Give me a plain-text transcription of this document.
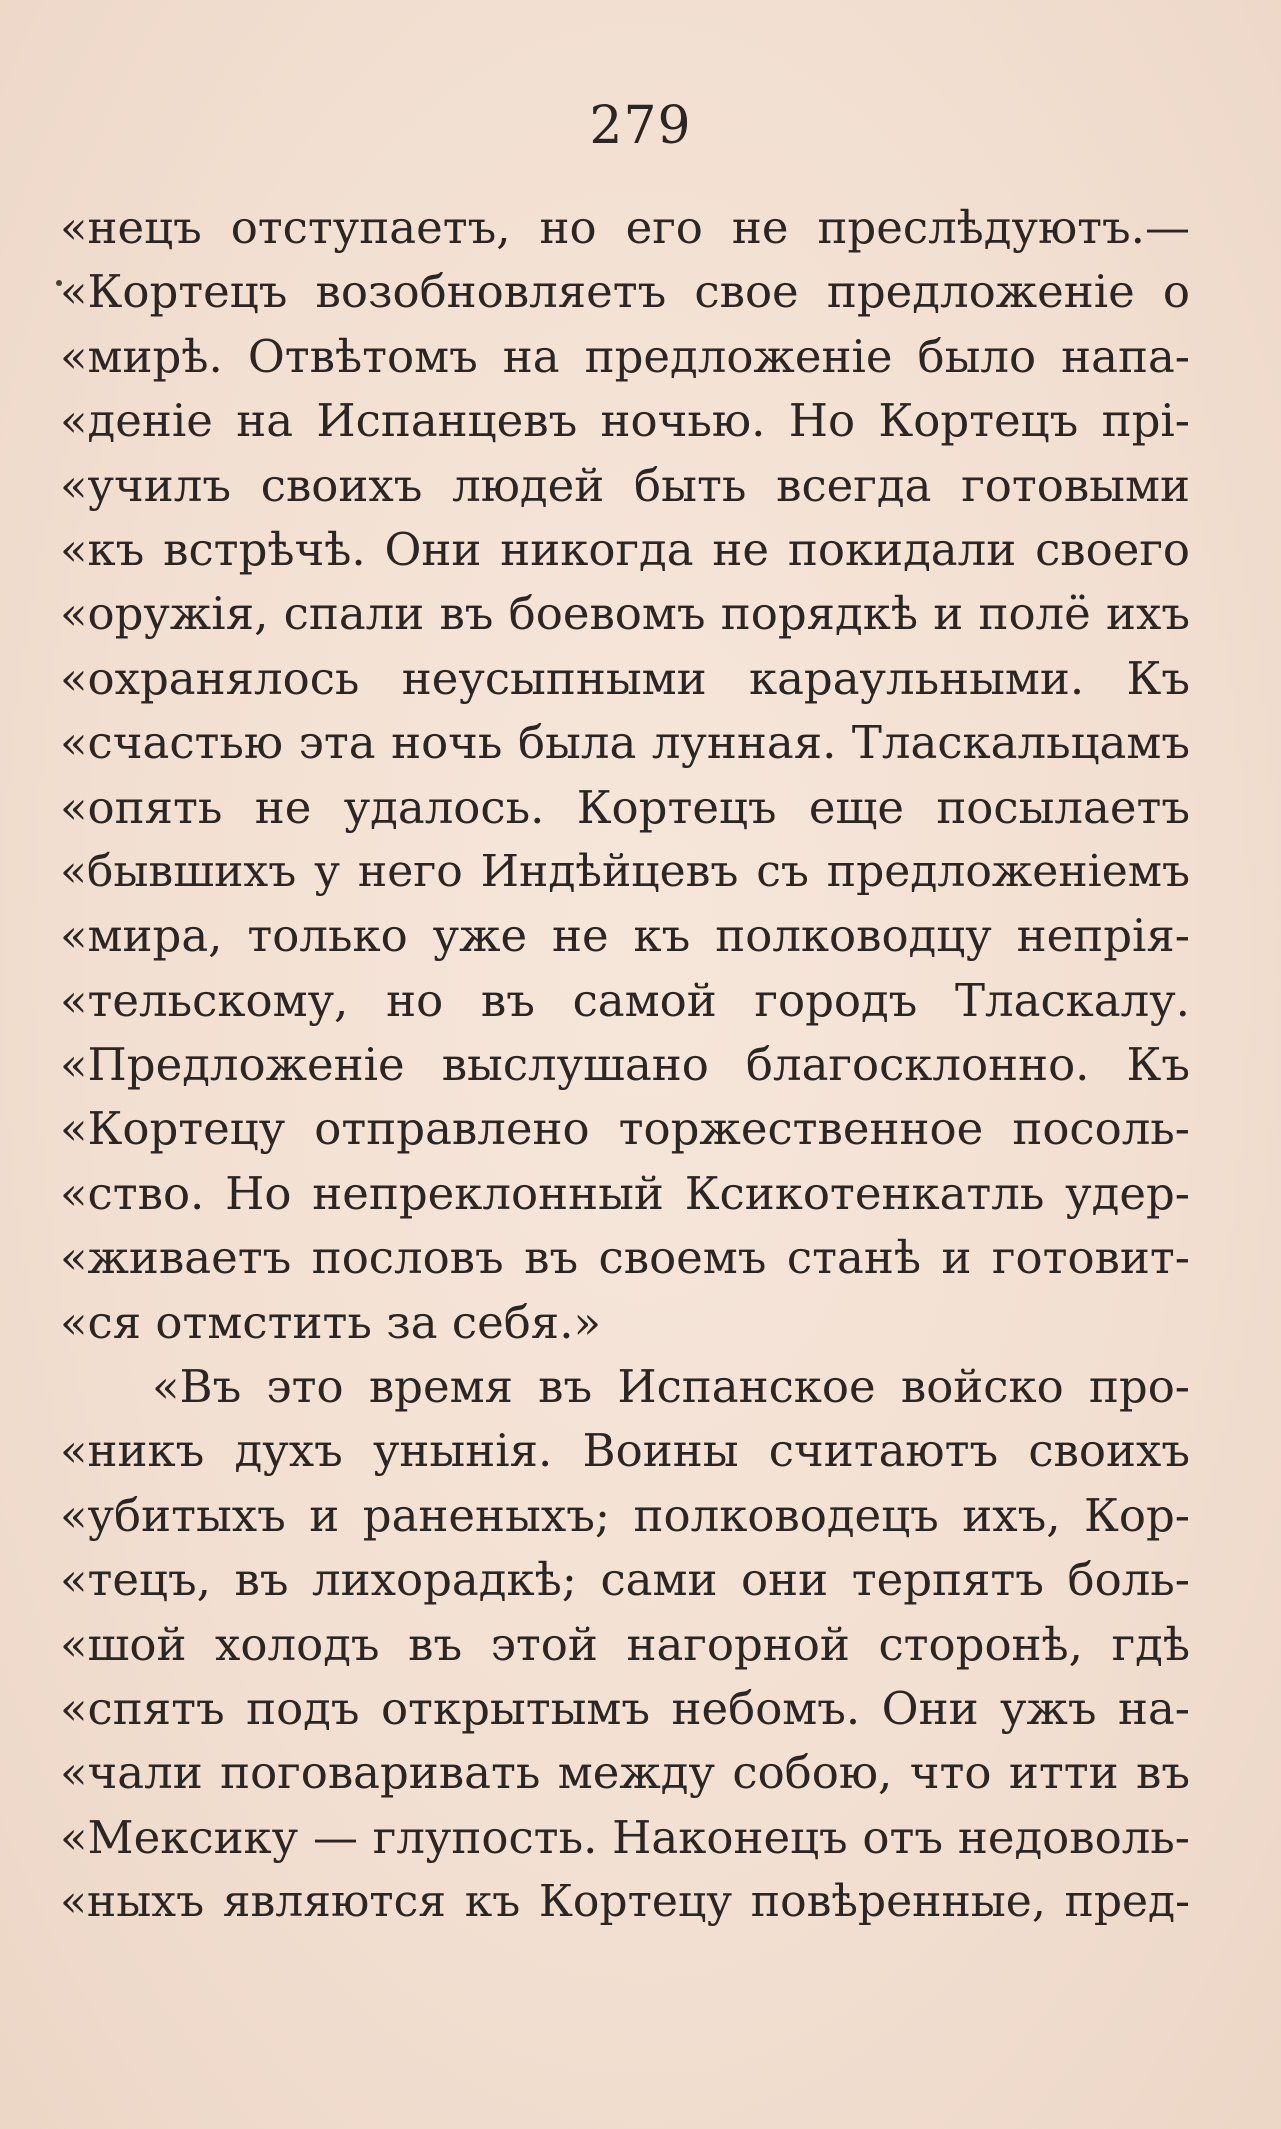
279
«нецъ отступаетъ, но его не преслѣдуютъ.—
«Кортецъ возобновляетъ свое предложеніе о
«мирѣ. Отвѣтомъ на предложеніе было напа-
«деніе на Испанцевъ ночью. Но Кортецъ прі-
«училъ своихъ людей быть всегда готовыми
«къ встрѣчѣ. Они никогда не покидали своего
«оружія, спали въ боевомъ порядкѣ и полё ихъ
«охранялось неусыпными караульными. Къ
«счастью эта ночь была лунная. Тласкальцамъ
«опять не удалось. Кортецъ еще посылаетъ
«бывшихъ у него Индѣйцевъ съ предложеніемъ
«мира, только уже не къ полководцу непрія-
«тельскому, но въ самой городъ Тласкалу.
«Предложеніе выслушано благосклонно. Къ
«Кортецу отправлено торжественное посоль-
«ство. Но непреклонный Ксикотенкатль удер-
«живаетъ пословъ въ своемъ станѣ и готовит-
«ся отмстить за себя.»
«Въ это время въ Испанское войско про-
«никъ духъ унынія. Воины считаютъ своихъ
«убитыхъ и раненыхъ; полководецъ ихъ, Кор-
«тецъ, въ лихорадкѣ; сами они терпятъ боль-
«шой холодъ въ этой нагорной сторонѣ, гдѣ
«спятъ подъ открытымъ небомъ. Они ужъ на-
«чали поговаривать между собою, что итти въ
«Мексику — глупость. Наконецъ отъ недоволь-
«ныхъ являются къ Кортецу повѣренные, пред-
